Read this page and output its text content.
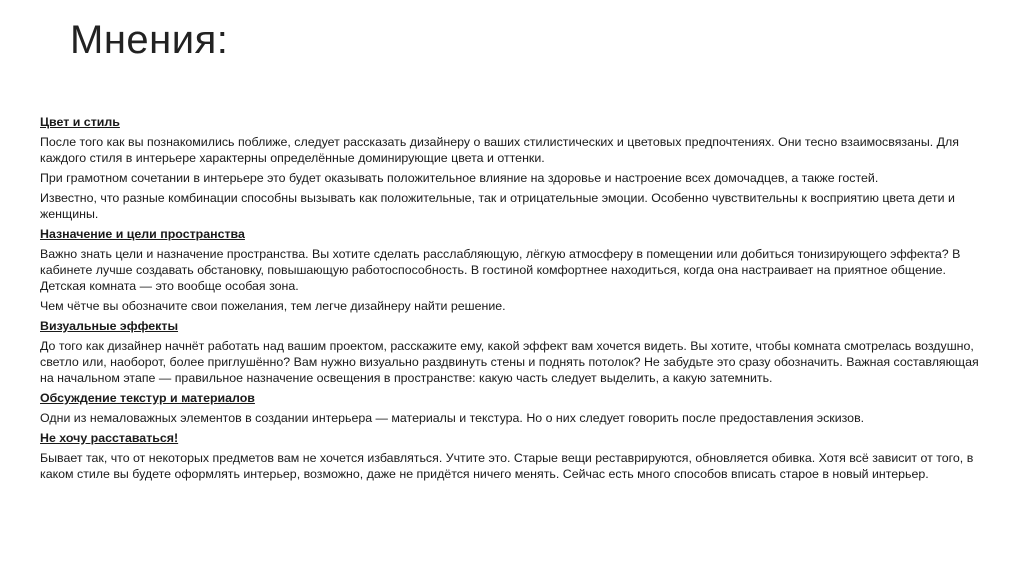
Мнения:

Цвет и стиль

После того как вы познакомились поближе, следует рассказать дизайнеру о ваших стилистических и цветовых предпочтениях. Они тесно взаимосвязаны. Для каждого стиля в интерьере характерны определённые доминирующие цвета и оттенки.

При грамотном сочетании в интерьере это будет оказывать положительное влияние на здоровье и настроение всех домочадцев, а также гостей.

Известно, что разные комбинации способны вызывать как положительные, так и отрицательные эмоции. Особенно чувствительны к восприятию цвета дети и женщины.

Назначение и цели пространства

Важно знать цели и назначение пространства. Вы хотите сделать расслабляющую, лёгкую атмосферу в помещении или добиться тонизирующего эффекта? В кабинете лучше создавать обстановку, повышающую работоспособность. В гостиной комфортнее находиться, когда она настраивает на приятное общение. Детская комната — это вообще особая зона.

Чем чётче вы обозначите свои пожелания, тем легче дизайнеру найти решение.

Визуальные эффекты

До того как дизайнер начнёт работать над вашим проектом, расскажите ему, какой эффект вам хочется видеть. Вы хотите, чтобы комната смотрелась воздушно, светло или, наоборот, более приглушённо? Вам нужно визуально раздвинуть стены и поднять потолок? Не забудьте это сразу обозначить. Важная составляющая на начальном этапе — правильное назначение освещения в пространстве: какую часть следует выделить, а какую затемнить.

Обсуждение текстур и материалов

Одни из немаловажных элементов в создании интерьера — материалы и текстура. Но о них следует говорить после предоставления эскизов.

Не хочу расставаться!

Бывает так, что от некоторых предметов вам не хочется избавляться. Учтите это. Старые вещи реставрируются, обновляется обивка. Хотя всё зависит от того, в каком стиле вы будете оформлять интерьер, возможно, даже не придётся ничего менять. Сейчас есть много способов вписать старое в новый интерьер.
